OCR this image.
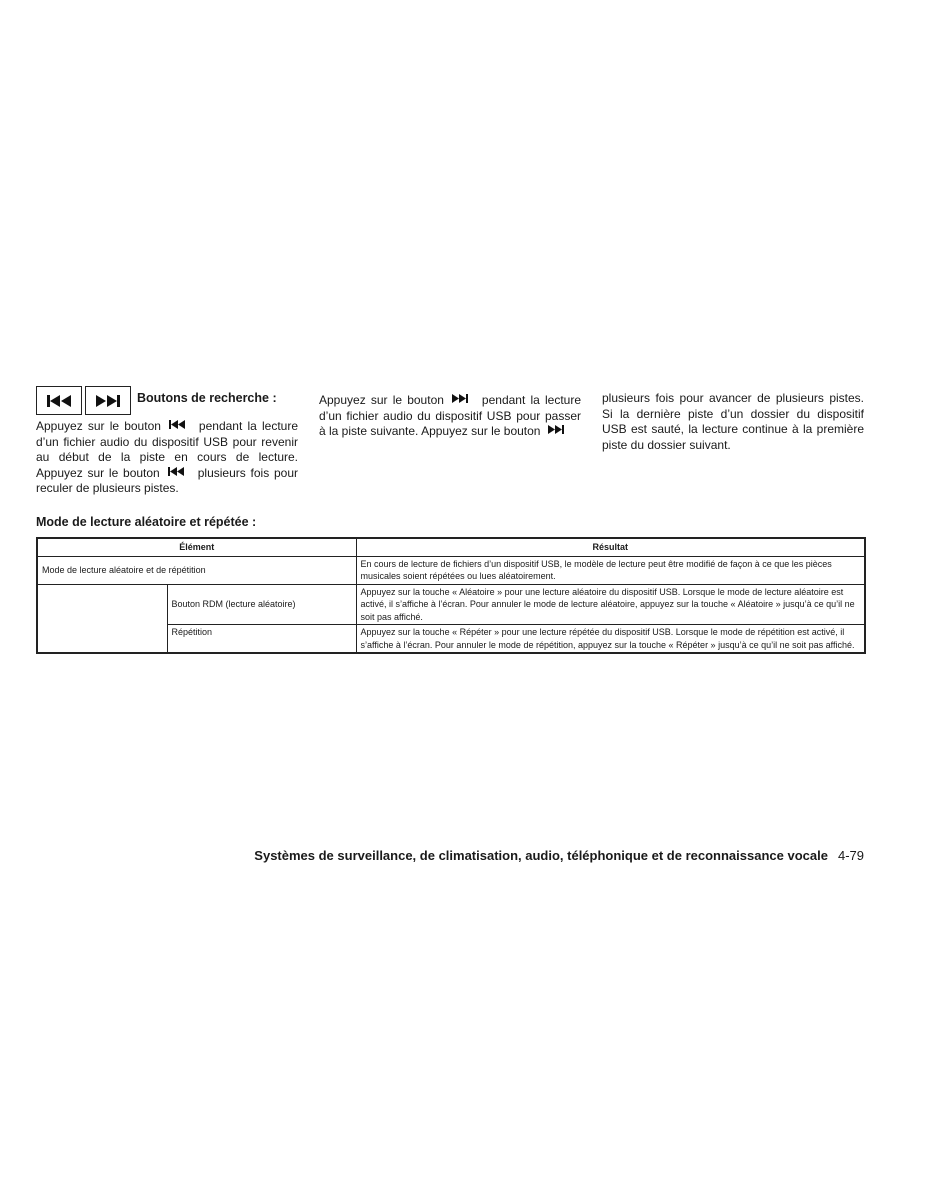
Boutons de recherche :

Appuyez sur le bouton	pendant la lecture d’un fichier audio du dispositif USB pour revenir au début de la piste en cours de lecture. Appuyez sur le bouton	plusieurs fois pour reculer de plusieurs pistes.

Appuyez sur le bouton	pendant la lecture d’un fichier audio du dispositif USB pour passer à la piste suivante. Appuyez sur le bouton

plusieurs fois pour avancer de plusieurs pistes. Si la dernière piste d’un dossier du dispositif USB est sauté, la lecture continue à la première piste du dossier suivant.

Mode de lecture aléatoire et répétée :
Élément		Résultat
Mode de lecture aléatoire et de répétition		En cours de lecture de fichiers d’un dispositif USB, le modèle de lecture peut être modifié de façon à ce que les pièces musicales soient répétées ou lues aléatoirement.
	Bouton RDM (lecture aléatoire)	Appuyez sur la touche « Aléatoire » pour une lecture aléatoire du dispositif USB. Lorsque le mode de lecture aléatoire est activé, il s’affiche à l’écran. Pour annuler le mode de lecture aléatoire, appuyez sur la touche « Aléatoire » jusqu’à ce qu’il ne soit pas affiché.
	Répétition	Appuyez sur la touche « Répéter » pour une lecture répétée du dispositif USB. Lorsque le mode de répétition est activé, il s’affiche à l’écran. Pour annuler le mode de répétition, appuyez sur la touche « Répéter » jusqu’à ce qu’il ne soit pas affiché.
Systèmes de surveillance, de climatisation, audio, téléphonique et de reconnaissance vocale 4-79
